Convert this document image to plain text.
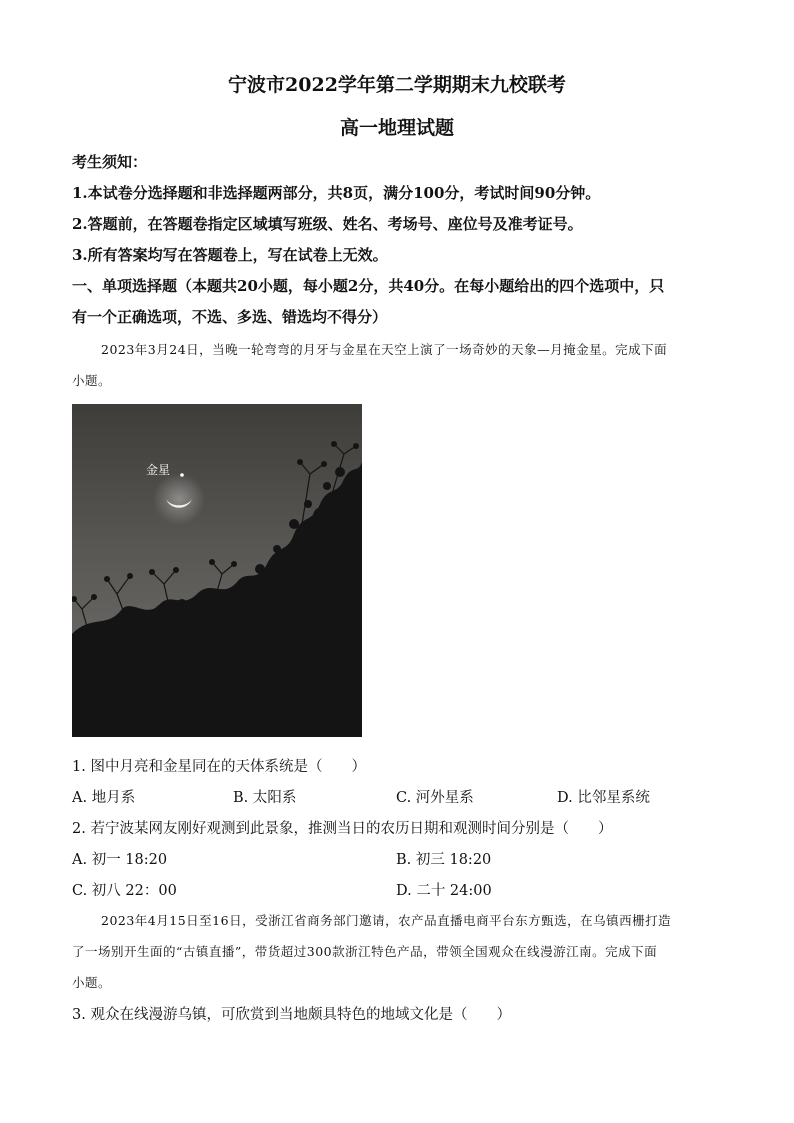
宁波市2022学年第二学期期末九校联考
高一地理试题
考生须知：
1.本试卷分选择题和非选择题两部分，共8页，满分100分，考试时间90分钟。
2.答题前，在答题卷指定区域填写班级、姓名、考场号、座位号及准考证号。
3.所有答案均写在答题卷上，写在试卷上无效。
一、单项选择题（本题共20小题，每小题2分，共40分。在每小题给出的四个选项中，只
有一个正确选项，不选、多选、错选均不得分）
2023年3月24日，当晚一轮弯弯的月牙与金星在天空上演了一场奇妙的天象—月掩金星。完成下面
小题。
金星
1. 图中月亮和金星同在的天体系统是（　　）
A. 地月系	B. 太阳系	C. 河外星系	D. 比邻星系统
2. 若宁波某网友刚好观测到此景象，推测当日的农历日期和观测时间分别是（　　）
A. 初一 18:20	B. 初三 18:20
C. 初八 22：00	D. 二十 24:00
2023年4月15日至16日，受浙江省商务部门邀请，农产品直播电商平台东方甄选，在乌镇西栅打造
了一场别开生面的“古镇直播”，带货超过300款浙江特色产品，带领全国观众在线漫游江南。完成下面
小题。
3. 观众在线漫游乌镇，可欣赏到当地颇具特色的地域文化是（　　）
